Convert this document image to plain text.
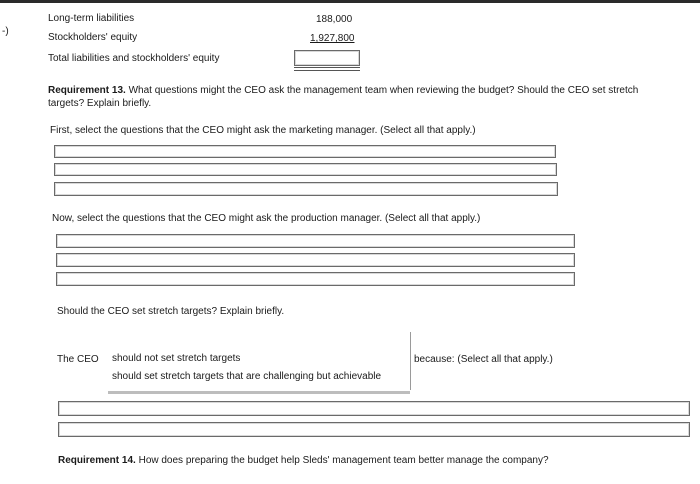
-)
Long-term liabilities	188,000
Stockholders' equity	1,927,800
Total liabilities and stockholders' equity
Requirement 13. What questions might the CEO ask the management team when reviewing the budget? Should the CEO set stretch
targets? Explain briefly.
First, select the questions that the CEO might ask the marketing manager. (Select all that apply.)
Now, select the questions that the CEO might ask the production manager. (Select all that apply.)
Should the CEO set stretch targets? Explain briefly.
The CEO should not set stretch targets
should set stretch targets that are challenging but achievable
because: (Select all that apply.)
Requirement 14. How does preparing the budget help Sleds' management team better manage the company?
